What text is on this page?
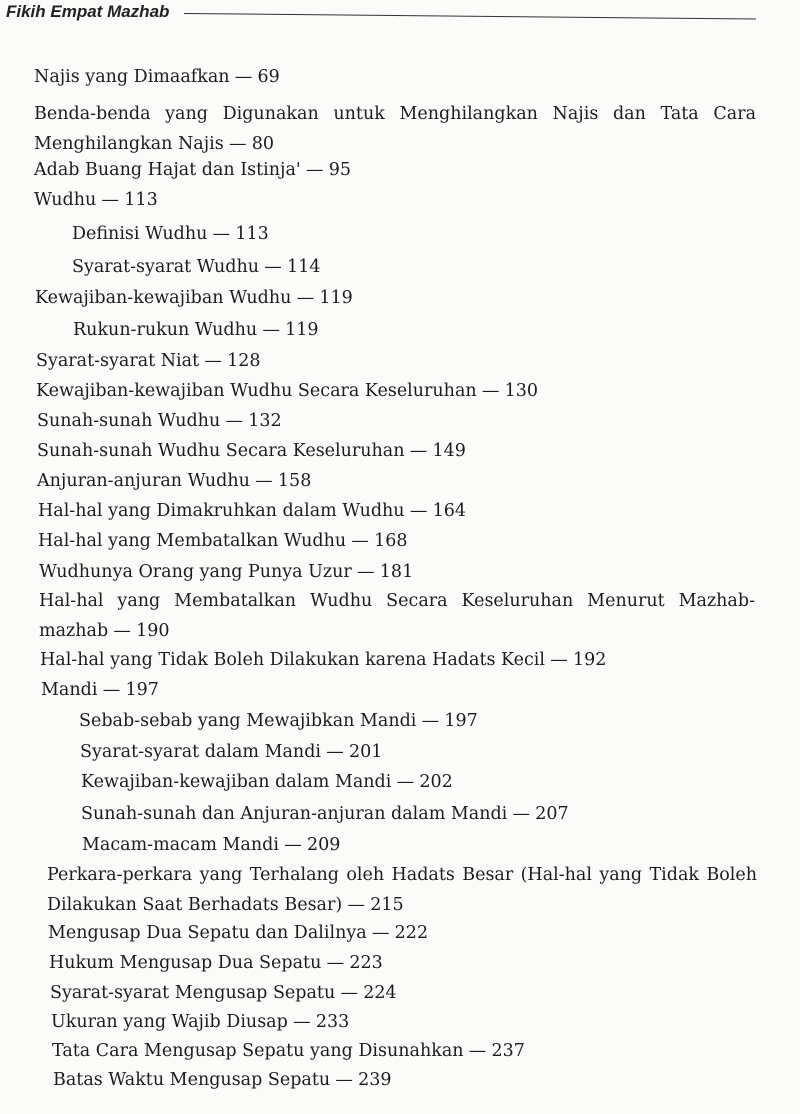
Fikih Empat Mazhab
Najis yang Dimaafkan — 69
Benda-benda yang Digunakan untuk Menghilangkan Najis dan Tata Cara Menghilangkan Najis — 80
Adab Buang Hajat dan Istinja' — 95
Wudhu — 113
Definisi Wudhu — 113
Syarat-syarat Wudhu — 114
Kewajiban-kewajiban Wudhu — 119
Rukun-rukun Wudhu — 119
Syarat-syarat Niat — 128
Kewajiban-kewajiban Wudhu Secara Keseluruhan — 130
Sunah-sunah Wudhu — 132
Sunah-sunah Wudhu Secara Keseluruhan — 149
Anjuran-anjuran Wudhu — 158
Hal-hal yang Dimakruhkan dalam Wudhu — 164
Hal-hal yang Membatalkan Wudhu — 168
Wudhunya Orang yang Punya Uzur — 181
Hal-hal yang Membatalkan Wudhu Secara Keseluruhan Menurut Mazhab-mazhab — 190
Hal-hal yang Tidak Boleh Dilakukan karena Hadats Kecil — 192
Mandi — 197
Sebab-sebab yang Mewajibkan Mandi — 197
Syarat-syarat dalam Mandi — 201
Kewajiban-kewajiban dalam Mandi — 202
Sunah-sunah dan Anjuran-anjuran dalam Mandi — 207
Macam-macam Mandi — 209
Perkara-perkara yang Terhalang oleh Hadats Besar (Hal-hal yang Tidak Boleh Dilakukan Saat Berhadats Besar) — 215
Mengusap Dua Sepatu dan Dalilnya — 222
Hukum Mengusap Dua Sepatu — 223
Syarat-syarat Mengusap Sepatu — 224
Ukuran yang Wajib Diusap — 233
Tata Cara Mengusap Sepatu yang Disunahkan — 237
Batas Waktu Mengusap Sepatu — 239
